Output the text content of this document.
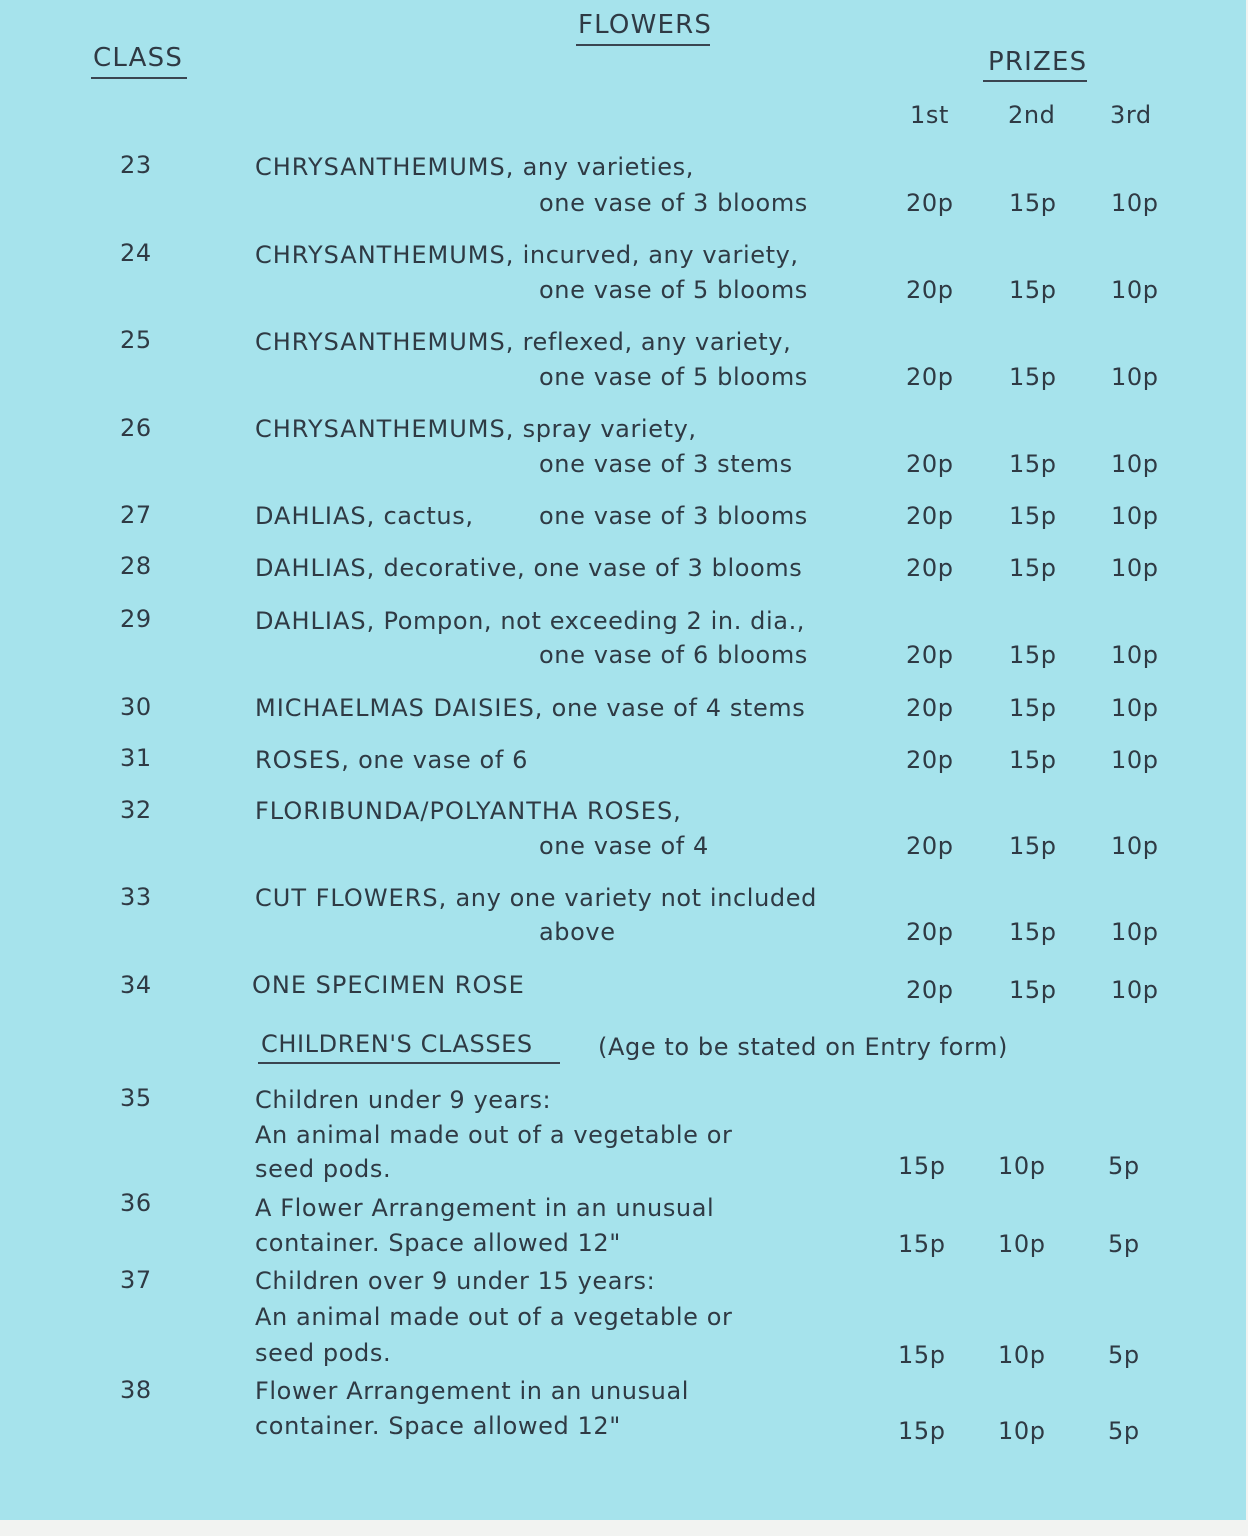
FLOWERS
CLASS	PRIZES
1st 2nd 3rd
23	CHRYSANTHEMUMS, any varieties,
one vase of 3 blooms	20p 15p 10p
24	CHRYSANTHEMUMS, incurved, any variety,
one vase of 5 blooms	20p 15p 10p
25	CHRYSANTHEMUMS, reflexed, any variety,
one vase of 5 blooms	20p 15p 10p
26	CHRYSANTHEMUMS, spray variety,
one vase of 3 stems	20p 15p 10p
27	DAHLIAS, cactus,	one vase of 3 blooms	20p 15p 10p
28	DAHLIAS, decorative, one vase of 3 blooms	20p 15p 10p
29	DAHLIAS, Pompon, not exceeding 2 in. dia.,
one vase of 6 blooms	20p 15p 10p
30	MICHAELMAS DAISIES, one vase of 4 stems	20p 15p 10p
31	ROSES, one vase of 6	20p 15p 10p
32	FLORIBUNDA/POLYANTHA ROSES,
one vase of 4	20p 15p 10p
33	CUT FLOWERS, any one variety not included
above	20p 15p 10p
34	ONE SPECIMEN ROSE	20p 15p 10p
CHILDREN'S CLASSES	(Age to be stated on Entry form)
35	Children under 9 years:
An animal made out of a vegetable or
seed pods.	15p 10p	5p
36	A Flower Arrangement in an unusual
container. Space allowed 12"	15p 10p	5p
37	Children over 9 under 15 years:
An animal made out of a vegetable or
seed pods.	15p 10p	5p
38	Flower Arrangement in an unusual
container. Space allowed 12"	15p 10p	5p
